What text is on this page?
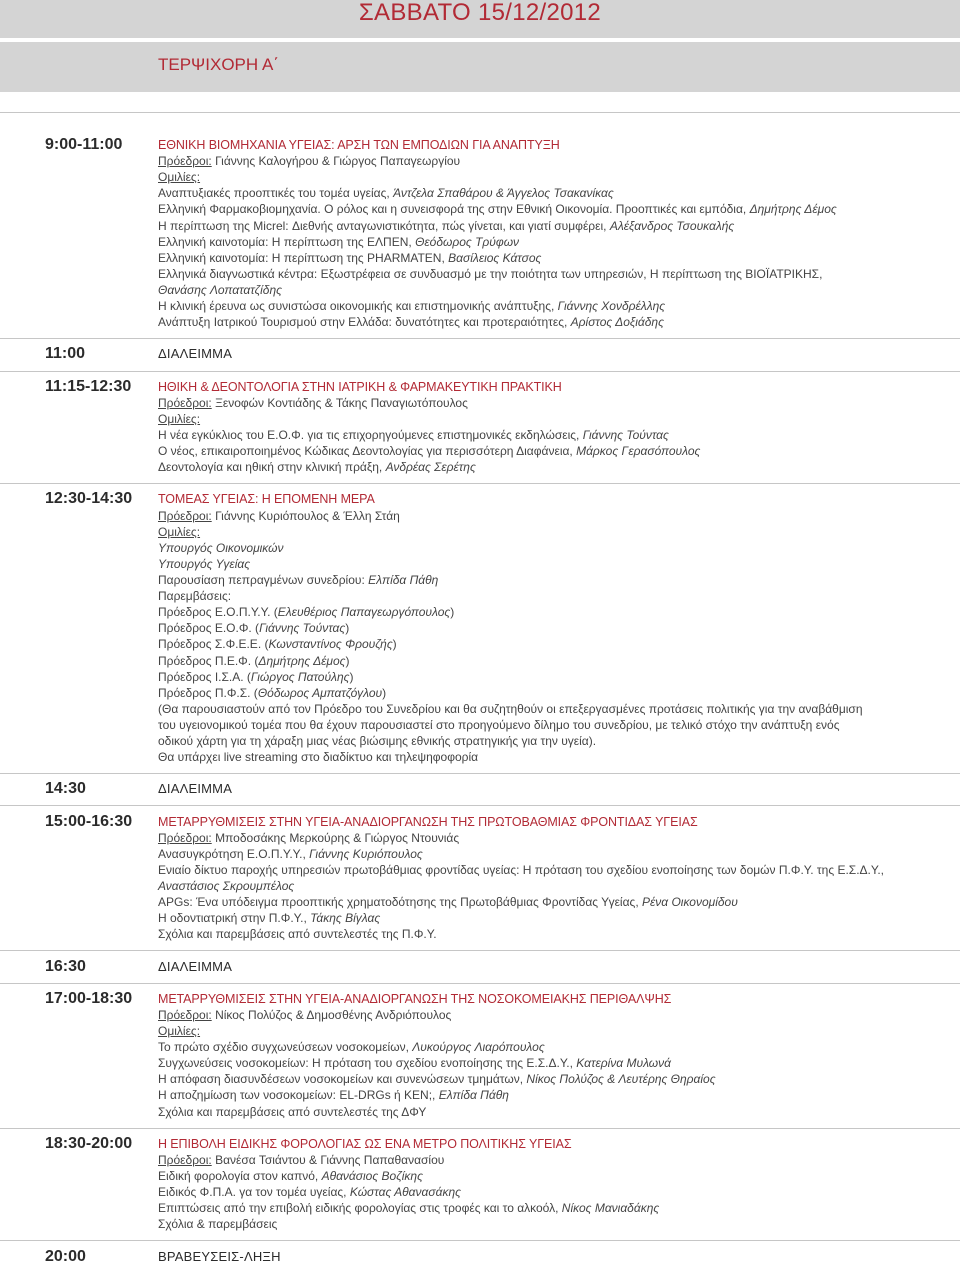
ΣΑΒΒΑΤΟ 15/12/2012
ΤΕΡΨΙΧΟΡΗ Α΄
9:00-11:00	ΕΘΝΙΚΗ ΒΙΟΜΗΧΑΝΙΑ ΥΓΕΙΑΣ: ΑΡΣΗ ΤΩΝ ΕΜΠΟΔΙΩΝ ΓΙΑ ΑΝΑΠΤΥΞΗ
Πρόεδροι: Γιάννης Καλογήρου & Γιώργος Παπαγεωργίου
Ομιλίες:
Αναπτυξιακές προοπτικές του τομέα υγείας, Άντζελα Σπαθάρου & Άγγελος Τσακανίκας
Ελληνική Φαρμακοβιομηχανία. Ο ρόλος και η συνεισφορά της στην Εθνική Οικονομία. Προοπτικές και εμπόδια, Δημήτρης Δέμος
Η περίπτωση της Micrel: Διεθνής ανταγωνιστικότητα, πώς γίνεται, και γιατί συμφέρει, Αλέξανδρος Τσουκαλής
Ελληνική καινοτομία: Η περίπτωση της ΕΛΠΕΝ, Θεόδωρος Τρύφων
Ελληνική καινοτομία: Η περίπτωση της PHARMATEN, Βασίλειος Κάτσος
Ελληνικά διαγνωστικά κέντρα: Εξωστρέφεια σε συνδυασμό με την ποιότητα των υπηρεσιών, Η περίπτωση της ΒΙΟΪΑΤΡΙΚΗΣ,
Θανάσης Λοπατατζίδης
Η κλινική έρευνα ως συνιστώσα οικονομικής και επιστημονικής ανάπτυξης, Γιάννης Χονδρέλλης
Ανάπτυξη Ιατρικού Τουρισμού στην Ελλάδα: δυνατότητες και προτεραιότητες, Αρίστος Δοξιάδης
11:00	ΔΙΑΛΕΙΜΜΑ
11:15-12:30 ΗΘΙΚΗ & ΔΕΟΝΤΟΛΟΓΙΑ ΣΤΗΝ ΙΑΤΡΙΚΗ & ΦΑΡΜΑΚΕΥΤΙΚΗ ΠΡΑΚΤΙΚΗ
Πρόεδροι: Ξενοφών Κοντιάδης & Τάκης Παναγιωτόπουλος
Ομιλίες:
Η νέα εγκύκλιος του Ε.Ο.Φ. για τις επιχορηγούμενες επιστημονικές εκδηλώσεις, Γιάννης Τούντας
Ο νέος, επικαιροποιημένος Κώδικας Δεοντολογίας για περισσότερη Διαφάνεια, Μάρκος Γερασόπουλος
Δεοντολογία και ηθική στην κλινική πράξη, Ανδρέας Σερέτης
12:30-14:30 ΤΟΜΕΑΣ ΥΓΕΙΑΣ: Η ΕΠΟΜΕΝΗ ΜΕΡΑ
Πρόεδροι: Γιάννης Κυριόπουλος & Έλλη Στάη
Ομιλίες:
Υπουργός Οικονομικών
Υπουργός Υγείας
Παρουσίαση πεπραγμένων συνεδρίου: Ελπίδα Πάθη
Παρεμβάσεις:
Πρόεδρος Ε.Ο.Π.Υ.Υ. (Ελευθέριος Παπαγεωργόπουλος)
Πρόεδρος Ε.Ο.Φ. (Γιάννης Τούντας)
Πρόεδρος Σ.Φ.Ε.Ε. (Κωνσταντίνος Φρουζής)
Πρόεδρος Π.Ε.Φ. (Δημήτρης Δέμος)
Πρόεδρος Ι.Σ.Α. (Γιώργος Πατούλης)
Πρόεδρος Π.Φ.Σ. (Θόδωρος Αμπατζόγλου)
(Θα παρουσιαστούν από τον Πρόεδρο του Συνεδρίου και θα συζητηθούν οι επεξεργασμένες προτάσεις πολιτικής για την αναβάθμιση
του υγειονομικού τομέα που θα έχουν παρουσιαστεί στο προηγούμενο δίλημο του συνεδρίου, με τελικό στόχο την ανάπτυξη ενός
οδικού χάρτη για τη χάραξη μιας νέας βιώσιμης εθνικής στρατηγικής για την υγεία).
Θα υπάρχει live streaming στο διαδίκτυο και τηλεψηφοφορία
14:30	ΔΙΑΛΕΙΜΜΑ
15:00-16:30 ΜΕΤΑΡΡΥΘΜΙΣΕΙΣ ΣΤΗΝ ΥΓΕΙΑ-ΑΝΑΔΙΟΡΓΑΝΩΣΗ ΤΗΣ ΠΡΩΤΟΒΑΘΜΙΑΣ ΦΡΟΝΤΙΔΑΣ ΥΓΕΙΑΣ
Πρόεδροι: Μποδοσάκης Μερκούρης & Γιώργος Ντουνιάς
Ανασυγκρότηση Ε.Ο.Π.Υ.Υ., Γιάννης Κυριόπουλος
Ενιαίο δίκτυο παροχής υπηρεσιών πρωτοβάθμιας φροντίδας υγείας: Η πρόταση του σχεδίου ενοποίησης των δομών Π.Φ.Υ. της Ε.Σ.Δ.Υ.,
Αναστάσιος Σκρουμπέλος
APGs: Ένα υπόδειγμα προοπτικής χρηματοδότησης της Πρωτοβάθμιας Φροντίδας Υγείας, Ρένα Οικονομίδου
Η οδοντιατρική στην Π.Φ.Υ., Τάκης Βίγλας
Σχόλια και παρεμβάσεις από συντελεστές της Π.Φ.Υ.
16:30	ΔΙΑΛΕΙΜΜΑ
17:00-18:30 ΜΕΤΑΡΡΥΘΜΙΣΕΙΣ ΣΤΗΝ ΥΓΕΙΑ-ΑΝΑΔΙΟΡΓΑΝΩΣΗ ΤΗΣ ΝΟΣΟΚΟΜΕΙΑΚΗΣ ΠΕΡΙΘΑΛΨΗΣ
Πρόεδροι: Νίκος Πολύζος & Δημοσθένης Ανδριόπουλος
Ομιλίες:
Το πρώτο σχέδιο συγχωνεύσεων νοσοκομείων, Λυκούργος Λιαρόπουλος
Συγχωνεύσεις νοσοκομείων: Η πρόταση του σχεδίου ενοποίησης της Ε.Σ.Δ.Υ., Κατερίνα Μυλωνά
Η απόφαση διασυνδέσεων νοσοκομείων και συνενώσεων τμημάτων, Νίκος Πολύζος & Λευτέρης Θηραίος
Η αποζημίωση των νοσοκομείων: EL-DRGs ή ΚΕΝ;, Ελπίδα Πάθη
Σχόλια και παρεμβάσεις από συντελεστές της ΔΦΥ
18:30-20:00 Η ΕΠΙΒΟΛΗ ΕΙΔΙΚΗΣ ΦΟΡΟΛΟΓΙΑΣ ΩΣ ΕΝΑ ΜΕΤΡΟ ΠΟΛΙΤΙΚΗΣ ΥΓΕΙΑΣ
Πρόεδροι: Βανέσα Τσιάντου & Γιάννης Παπαθανασίου
Ειδική φορολογία στον καπνό, Αθανάσιος Βοζίκης
Ειδικός Φ.Π.Α. γα τον τομέα υγείας, Κώστας Αθανασάκης
Επιπτώσεις από την επιβολή ειδικής φορολογίας στις τροφές και το αλκοόλ, Νίκος Μανιαδάκης
Σχόλια & παρεμβάσεις
20:00	ΒΡΑΒΕΥΣΕΙΣ-ΛΗΞΗ
